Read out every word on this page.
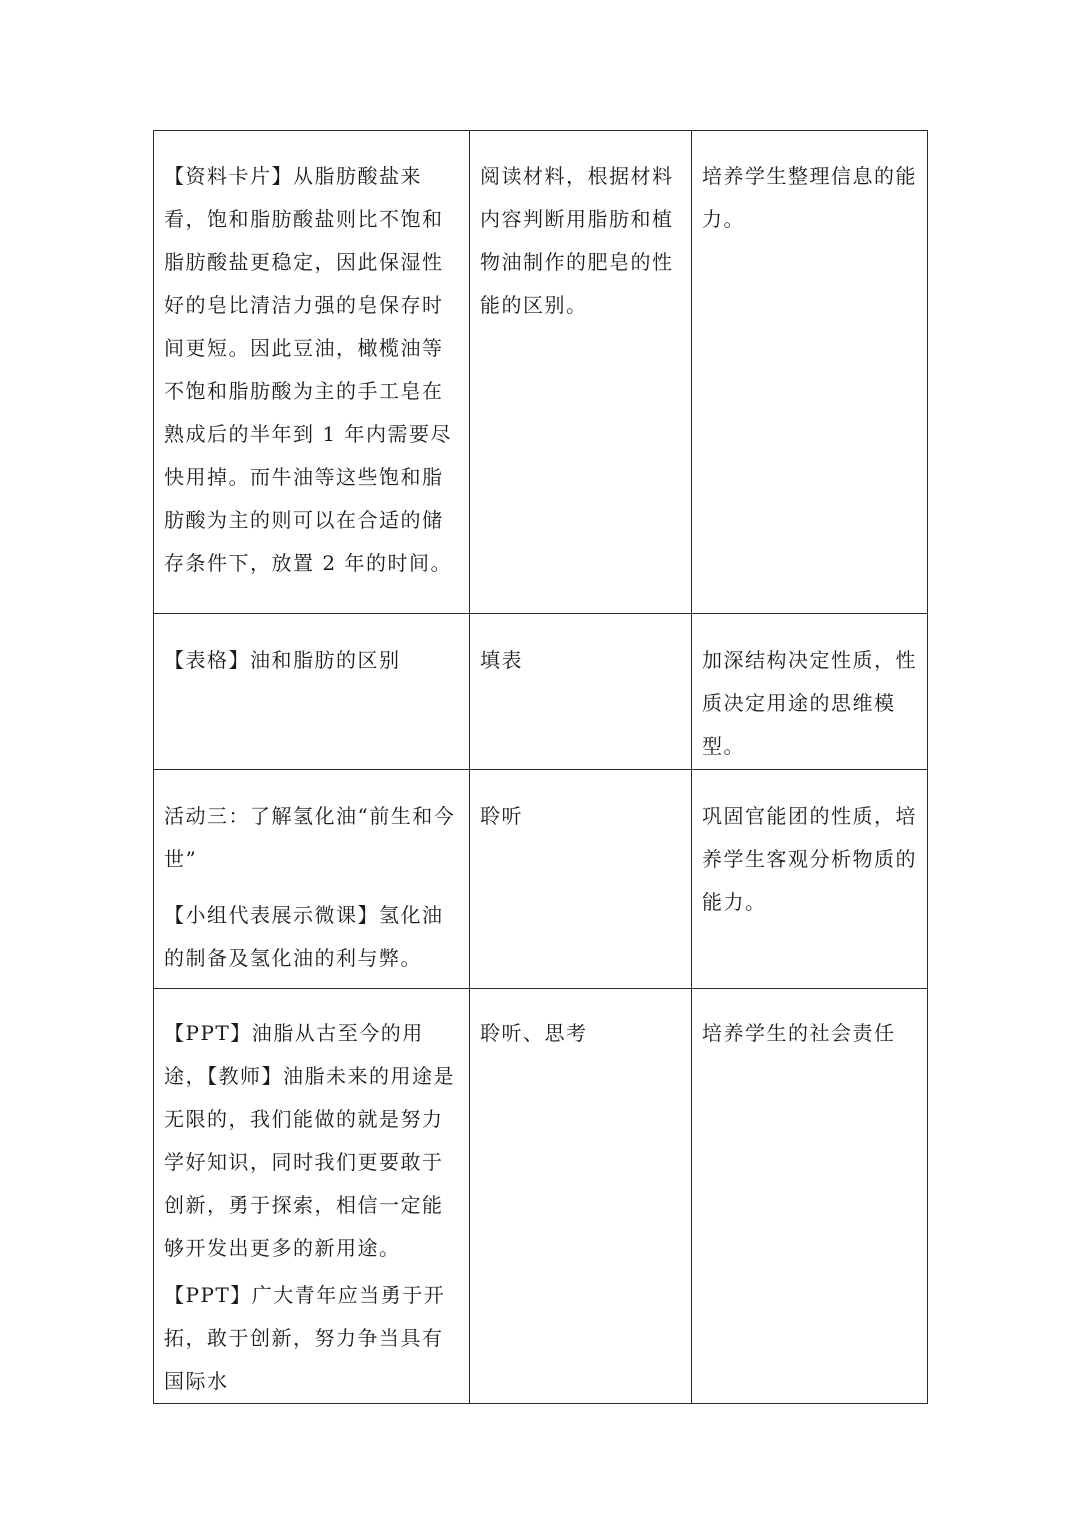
【资料卡片】从脂肪酸盐来看，饱和脂肪酸盐则比不饱和脂肪酸盐更稳定，因此保湿性好的皂比清洁力强的皂保存时间更短。因此豆油，橄榄油等不饱和脂肪酸为主的手工皂在熟成后的半年到 1 年内需要尽快用掉。而牛油等这些饱和脂肪酸为主的则可以在合适的储存条件下，放置 2 年的时间。	阅读材料，根据材料内容判断用脂肪和植物油制作的肥皂的性能的区别。	培养学生整理信息的能力。

【表格】油和脂肪的区别	填表	加深结构决定性质，性质决定用途的思维模型。

活动三：了解氢化油“前生和今世”
【小组代表展示微课】氢化油的制备及氢化油的利与弊。	聆听	巩固官能团的性质，培养学生客观分析物质的能力。

【PPT】油脂从古至今的用途，【教师】油脂未来的用途是无限的，我们能做的就是努力学好知识，同时我们更要敢于创新，勇于探索，相信一定能够开发出更多的新用途。
【PPT】广大青年应当勇于开拓，敢于创新，努力争当具有国际水	聆听、思考	培养学生的社会责任
